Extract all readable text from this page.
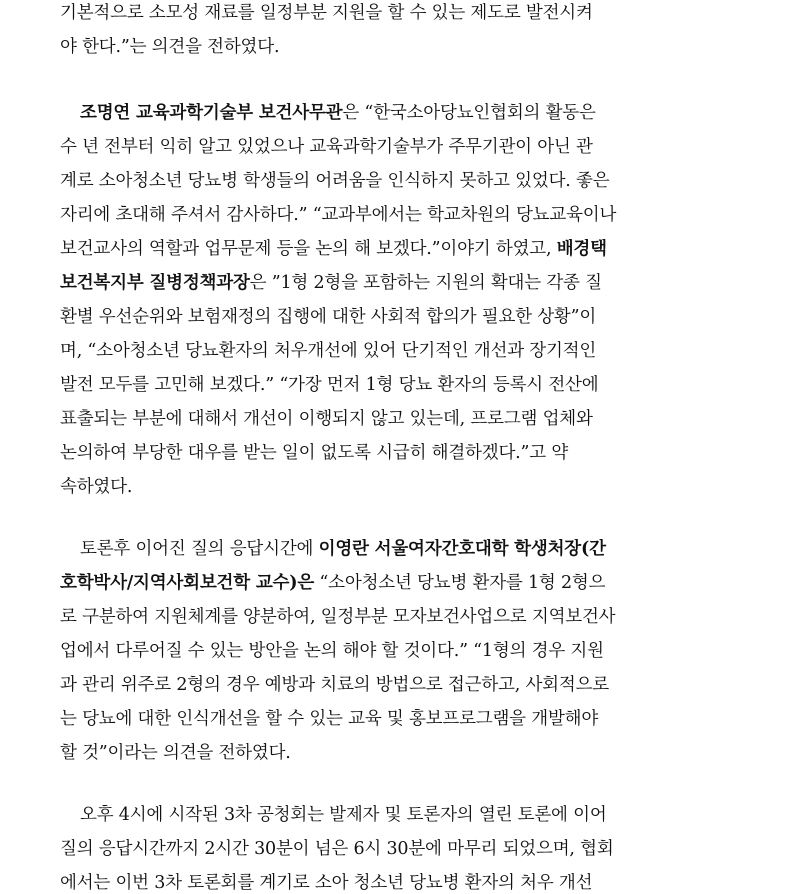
기본적으로 소모성 재료를 일정부분 지원을 할 수 있는 제도로 발전시켜
야 한다.”는 의견을 전하였다.
조명연 교육과학기술부 보건사무관은 “한국소아당뇨인협회의 활동은
수 년 전부터 익히 알고 있었으나 교육과학기술부가 주무기관이 아닌 관
계로 소아청소년 당뇨병 학생들의 어려움을 인식하지 못하고 있었다. 좋은
자리에 초대해 주셔서 감사하다.” “교과부에서는 학교차원의 당뇨교육이나
보건교사의 역할과 업무문제 등을 논의 해 보겠다.”이야기 하였고, 배경택
보건복지부 질병정책과장은 ”1형 2형을 포함하는 지원의 확대는 각종 질
환별 우선순위와 보험재정의 집행에 대한 사회적 합의가 필요한 상황”이
며, “소아청소년 당뇨환자의 처우개선에 있어 단기적인 개선과 장기적인
발전 모두를 고민해 보겠다.” “가장 먼저 1형 당뇨 환자의 등록시 전산에
표출되는 부분에 대해서 개선이 이행되지 않고 있는데, 프로그램 업체와
논의하여 부당한 대우를 받는 일이 없도록 시급히 해결하겠다.”고 약
속하였다.
토론후 이어진 질의 응답시간에 이영란 서울여자간호대학 학생처장(간
호학박사/지역사회보건학 교수)은 “소아청소년 당뇨병 환자를 1형 2형으
로 구분하여 지원체계를 양분하여, 일정부분 모자보건사업으로 지역보건사
업에서 다루어질 수 있는 방안을 논의 해야 할 것이다.” “1형의 경우 지원
과 관리 위주로 2형의 경우 예방과 치료의 방법으로 접근하고, 사회적으로
는 당뇨에 대한 인식개선을 할 수 있는 교육 및 홍보프로그램을 개발해야
할 것”이라는 의견을 전하였다.
오후 4시에 시작된 3차 공청회는 발제자 및 토론자의 열린 토론에 이어
질의 응답시간까지 2시간 30분이 넘은 6시 30분에 마무리 되었으며, 협회
에서는 이번 3차 토론회를 계기로 소아 청소년 당뇨병 환자의 처우 개선
